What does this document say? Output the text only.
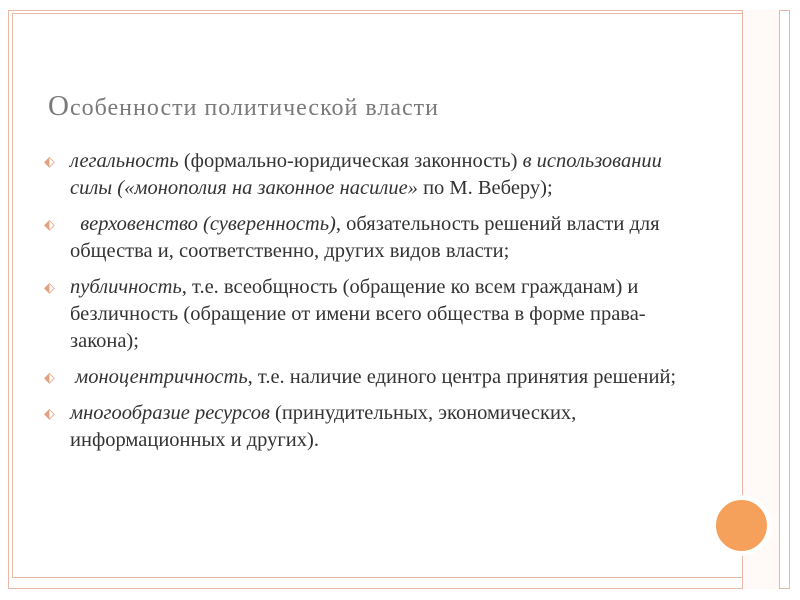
Особенности политической власти
⬖ легальность (формально-юридическая законность) в использовании силы («монополия на законное насилие» по М. Веберу);
⬖ верховенство (суверенность), обязательность решений власти для общества и, соответственно, других видов власти;
⬖ публичность, т.е. всеобщность (обращение ко всем гражданам) и безличность (обращение от имени всего общества в форме права-закона);
⬖ моноцентричность, т.е. наличие единого центра принятия решений;
⬖ многообразие ресурсов (принудительных, экономических, информационных и других).
